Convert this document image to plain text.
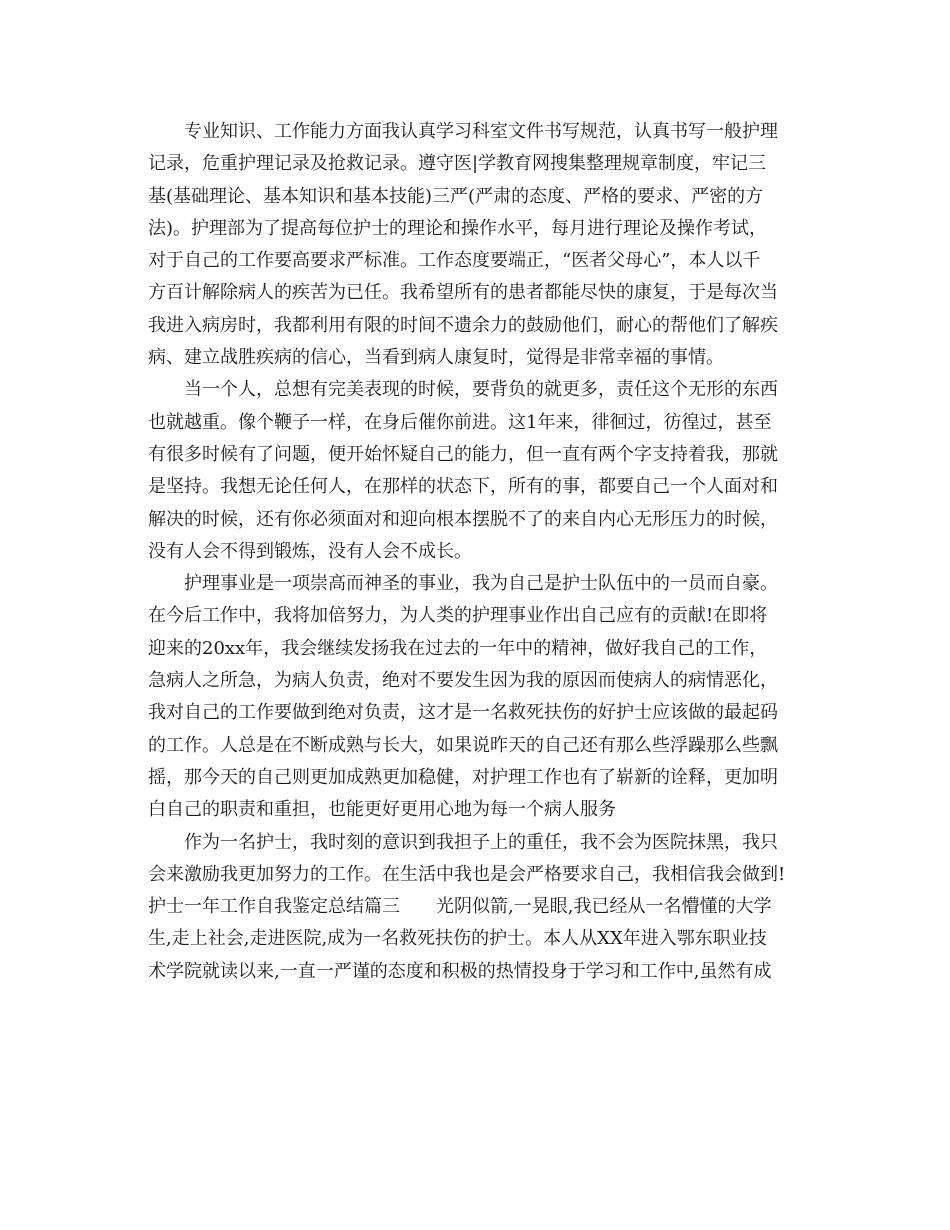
专业知识、工作能力方面我认真学习科室文件书写规范，认真书写一般护理
记录，危重护理记录及抢救记录。遵守医|学教育网搜集整理规章制度，牢记三
基(基础理论、基本知识和基本技能)三严(严肃的态度、严格的要求、严密的方
法)。护理部为了提高每位护士的理论和操作水平，每月进行理论及操作考试，
对于自己的工作要高要求严标准。工作态度要端正，“医者父母心”，本人以千
方百计解除病人的疾苦为已任。我希望所有的患者都能尽快的康复，于是每次当
我进入病房时，我都利用有限的时间不遗余力的鼓励他们，耐心的帮他们了解疾
病、建立战胜疾病的信心，当看到病人康复时，觉得是非常幸福的事情。
当一个人，总想有完美表现的时候，要背负的就更多，责任这个无形的东西
也就越重。像个鞭子一样，在身后催你前进。这1年来，徘徊过，彷徨过，甚至
有很多时候有了问题，便开始怀疑自己的能力，但一直有两个字支持着我，那就
是坚持。我想无论任何人，在那样的状态下，所有的事，都要自己一个人面对和
解决的时候，还有你必须面对和迎向根本摆脱不了的来自内心无形压力的时候，
没有人会不得到锻炼，没有人会不成长。
护理事业是一项崇高而神圣的事业，我为自己是护士队伍中的一员而自豪。
在今后工作中，我将加倍努力，为人类的护理事业作出自己应有的贡献!在即将
迎来的20xx年，我会继续发扬我在过去的一年中的精神，做好我自己的工作，
急病人之所急，为病人负责，绝对不要发生因为我的原因而使病人的病情恶化，
我对自己的工作要做到绝对负责，这才是一名救死扶伤的好护士应该做的最起码
的工作。人总是在不断成熟与长大，如果说昨天的自己还有那么些浮躁那么些飘
摇，那今天的自己则更加成熟更加稳健，对护理工作也有了崭新的诠释，更加明
白自己的职责和重担，也能更好更用心地为每一个病人服务
作为一名护士，我时刻的意识到我担子上的重任，我不会为医院抹黑，我只
会来激励我更加努力的工作。在生活中我也是会严格要求自己，我相信我会做到!
护士一年工作自我鉴定总结篇三　　光阴似箭,一晃眼,我已经从一名懵懂的大学
生,走上社会,走进医院,成为一名救死扶伤的护士。本人从XX年进入鄂东职业技
术学院就读以来,一直一严谨的态度和积极的热情投身于学习和工作中,虽然有成
